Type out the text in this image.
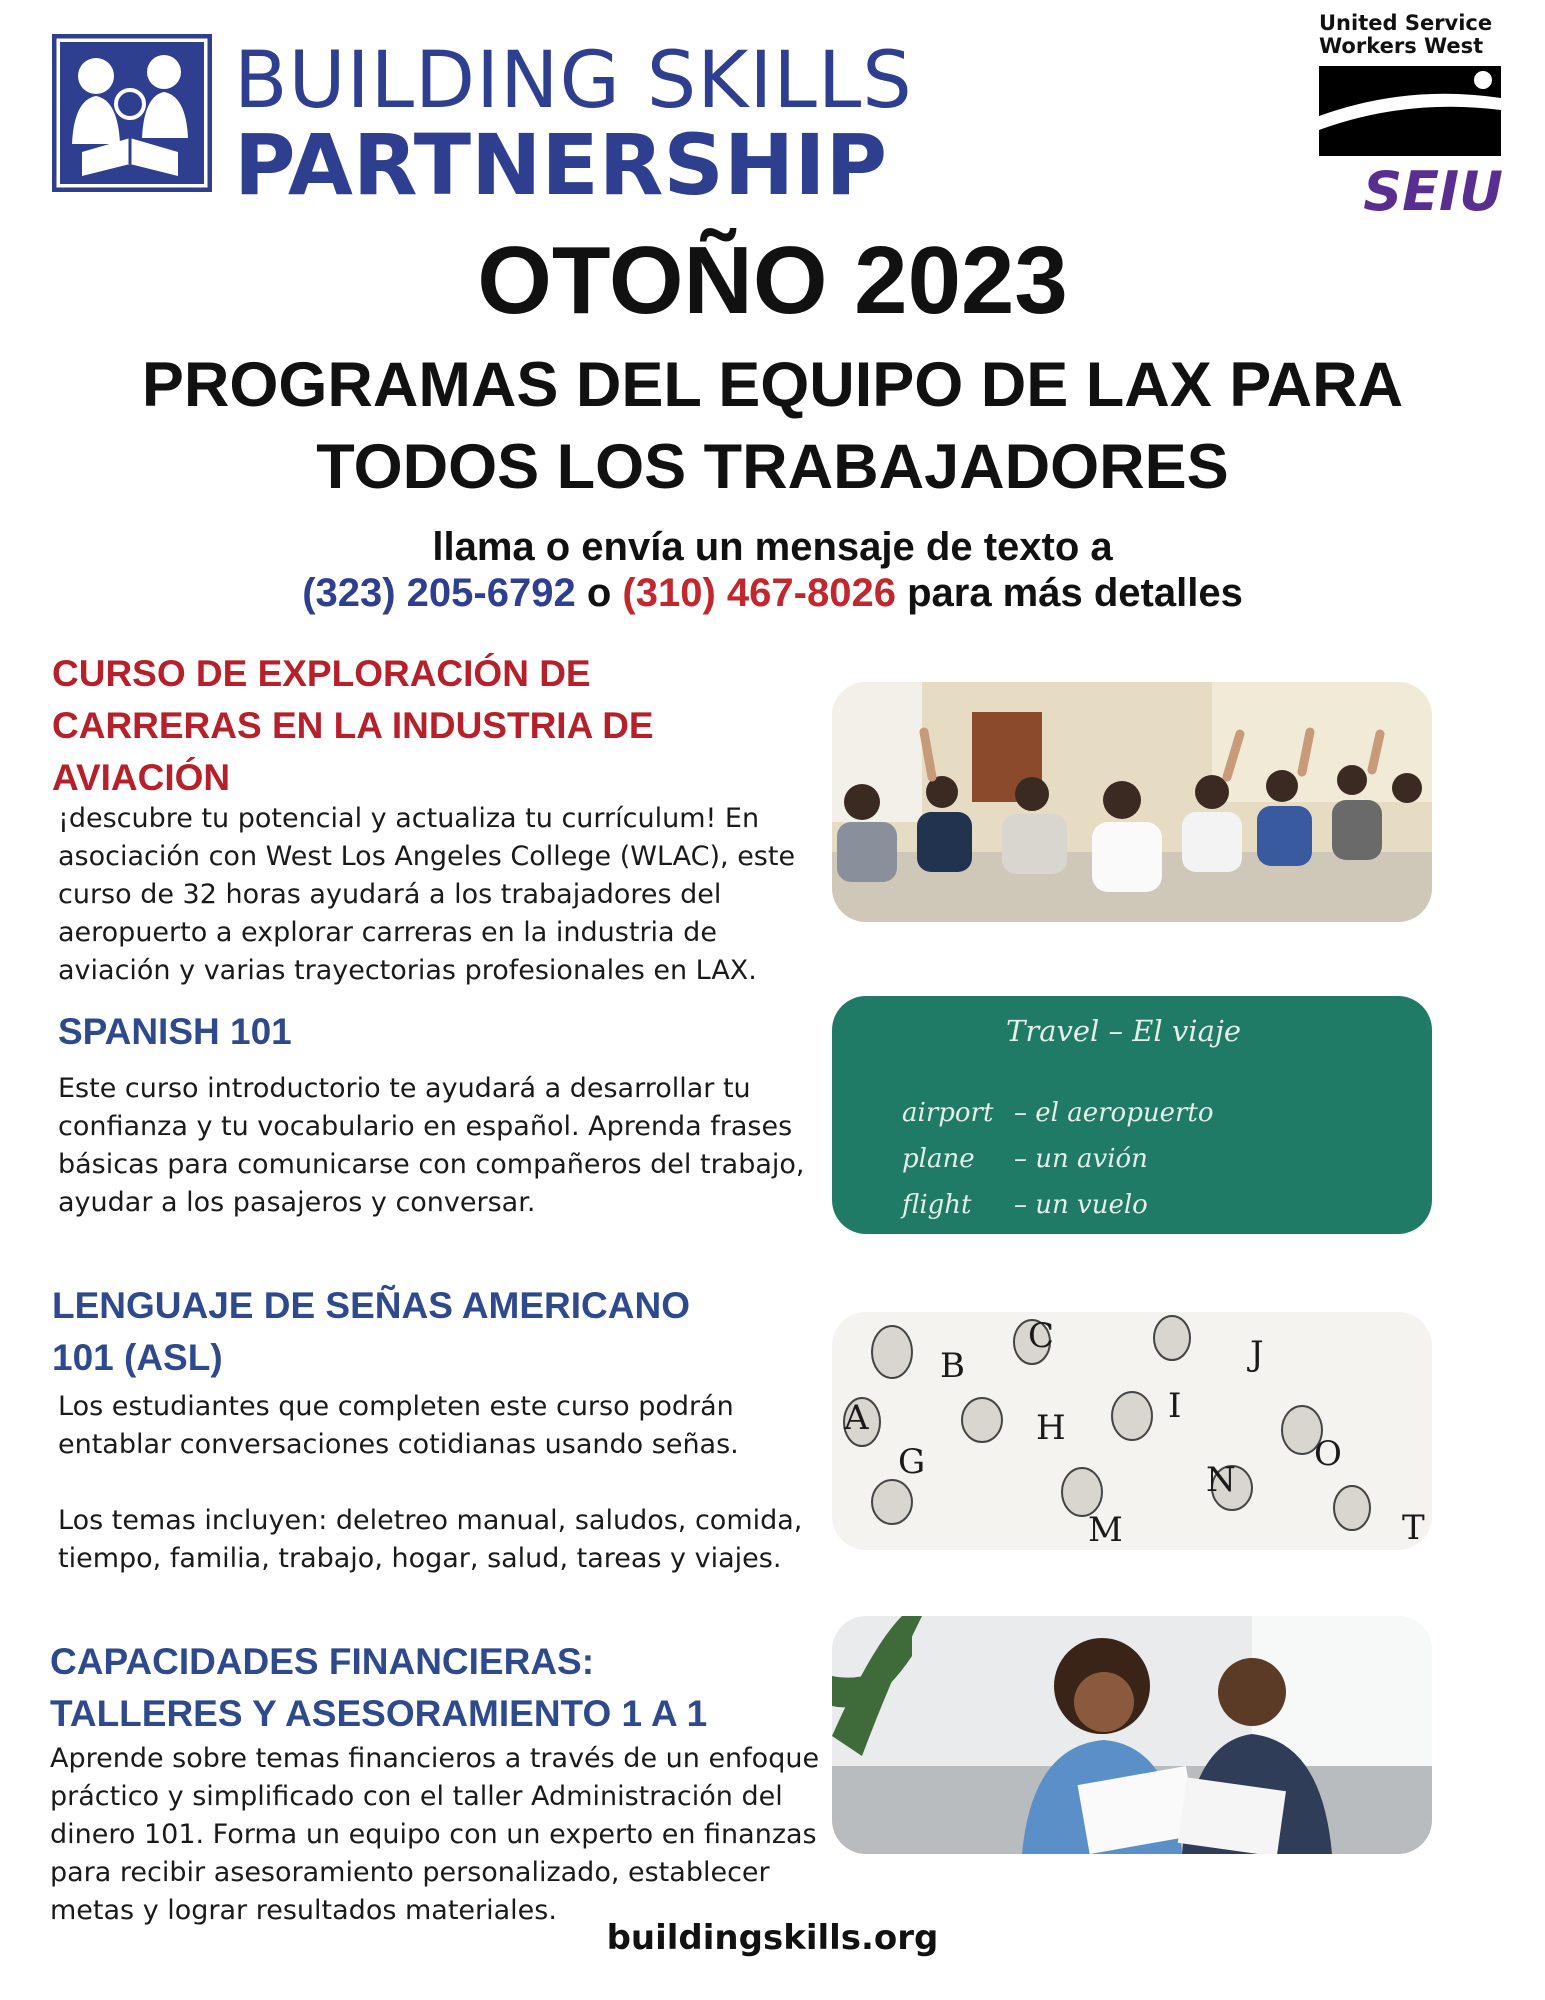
BUILDING SKILLS
PARTNERSHIP
United Service
Workers West
SEIU
OTOÑO 2023
PROGRAMAS DEL EQUIPO DE LAX PARA
TODOS LOS TRABAJADORES
llama o envía un mensaje de texto a
(323) 205-6792 o (310) 467-8026 para más detalles
CURSO DE EXPLORACIÓN DE
CARRERAS EN LA INDUSTRIA DE
AVIACIÓN
¡descubre tu potencial y actualiza tu currículum! En
asociación con West Los Angeles College (WLAC), este
curso de 32 horas ayudará a los trabajadores del
aeropuerto a explorar carreras en la industria de
aviación y varias trayectorias profesionales en LAX.
SPANISH 101
Este curso introductorio te ayudará a desarrollar tu
confianza y tu vocabulario en español. Aprenda frases
básicas para comunicarse con compañeros del trabajo,
ayudar a los pasajeros y conversar.
Travel – El viaje
airport – el aeropuerto
plane – un avión
flight – un vuelo
LENGUAJE DE SEÑAS AMERICANO
101 (ASL)
Los estudiantes que completen este curso podrán
entablar conversaciones cotidianas usando señas.
Los temas incluyen: deletreo manual, saludos, comida,
tiempo, familia, trabajo, hogar, salud, tareas y viajes.
B
C	J
A	H
I
O
G	N
M	T
CAPACIDADES FINANCIERAS:
TALLERES Y ASESORAMIENTO 1 A 1
Aprende sobre temas financieros a través de un enfoque
práctico y simplificado con el taller Administración del
dinero 101. Forma un equipo con un experto en finanzas
para recibir asesoramiento personalizado, establecer
metas y lograr resultados materiales.
buildingskills.org
